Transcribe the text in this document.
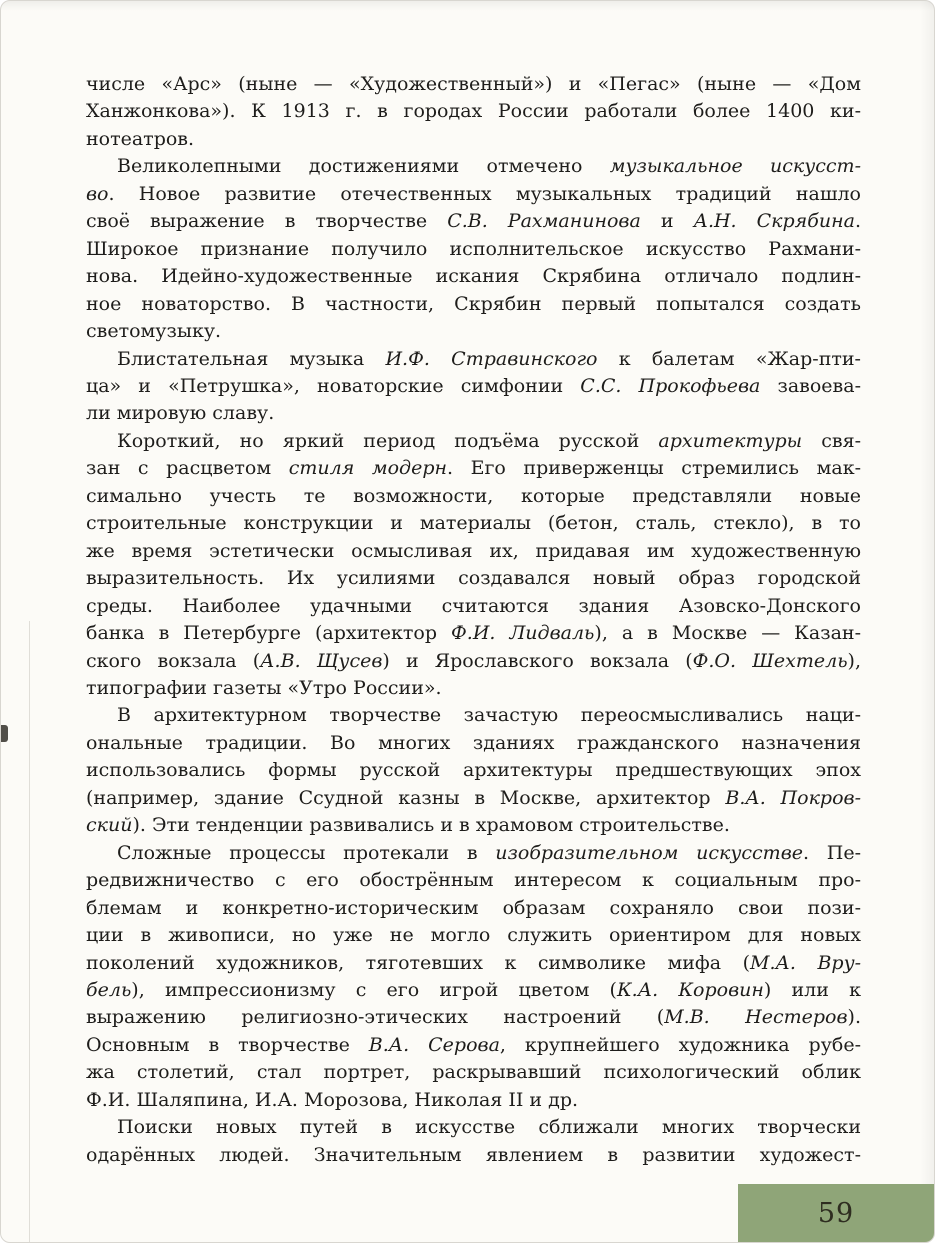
числе «Арс» (ныне — «Художественный») и «Пегас» (ныне — «Дом
Ханжонкова»). К 1913 г. в городах России работали более 1400 ки-
нотеатров.
Великолепными достижениями отмечено музыкальное искусст-
во. Новое развитие отечественных музыкальных традиций нашло
своё выражение в творчестве С.В. Рахманинова и А.Н. Скрябина.
Широкое признание получило исполнительское искусство Рахмани-
нова. Идейно-художественные искания Скрябина отличало подлин-
ное новаторство. В частности, Скрябин первый попытался создать
светомузыку.
Блистательная музыка И.Ф. Стравинского к балетам «Жар-пти-
ца» и «Петрушка», новаторские симфонии С.С. Прокофьева завоева-
ли мировую славу.
Короткий, но яркий период подъёма русской архитектуры свя-
зан с расцветом стиля модерн. Его приверженцы стремились мак-
симально учесть те возможности, которые представляли новые
строительные конструкции и материалы (бетон, сталь, стекло), в то
же время эстетически осмысливая их, придавая им художественную
выразительность. Их усилиями создавался новый образ городской
среды. Наиболее удачными считаются здания Азовско-Донского
банка в Петербурге (архитектор Ф.И. Лидваль), а в Москве — Казан-
ского вокзала (А.В. Щусев) и Ярославского вокзала (Ф.О. Шехтель),
типографии газеты «Утро России».
В архитектурном творчестве зачастую переосмысливались наци-
ональные традиции. Во многих зданиях гражданского назначения
использовались формы русской архитектуры предшествующих эпох
(например, здание Ссудной казны в Москве, архитектор В.А. Покров-
ский). Эти тенденции развивались и в храмовом строительстве.
Сложные процессы протекали в изобразительном искусстве. Пе-
редвижничество с его обострённым интересом к социальным про-
блемам и конкретно-историческим образам сохраняло свои пози-
ции в живописи, но уже не могло служить ориентиром для новых
поколений художников, тяготевших к символике мифа (М.А. Вру-
бель), импрессионизму с его игрой цветом (К.А. Коровин) или к
выражению религиозно-этических настроений (М.В. Нестеров).
Основным в творчестве В.А. Серова, крупнейшего художника рубе-
жа столетий, стал портрет, раскрывавший психологический облик
Ф.И. Шаляпина, И.А. Морозова, Николая II и др.
Поиски новых путей в искусстве сближали многих творчески
одарённых людей. Значительным явлением в развитии художест-
59
